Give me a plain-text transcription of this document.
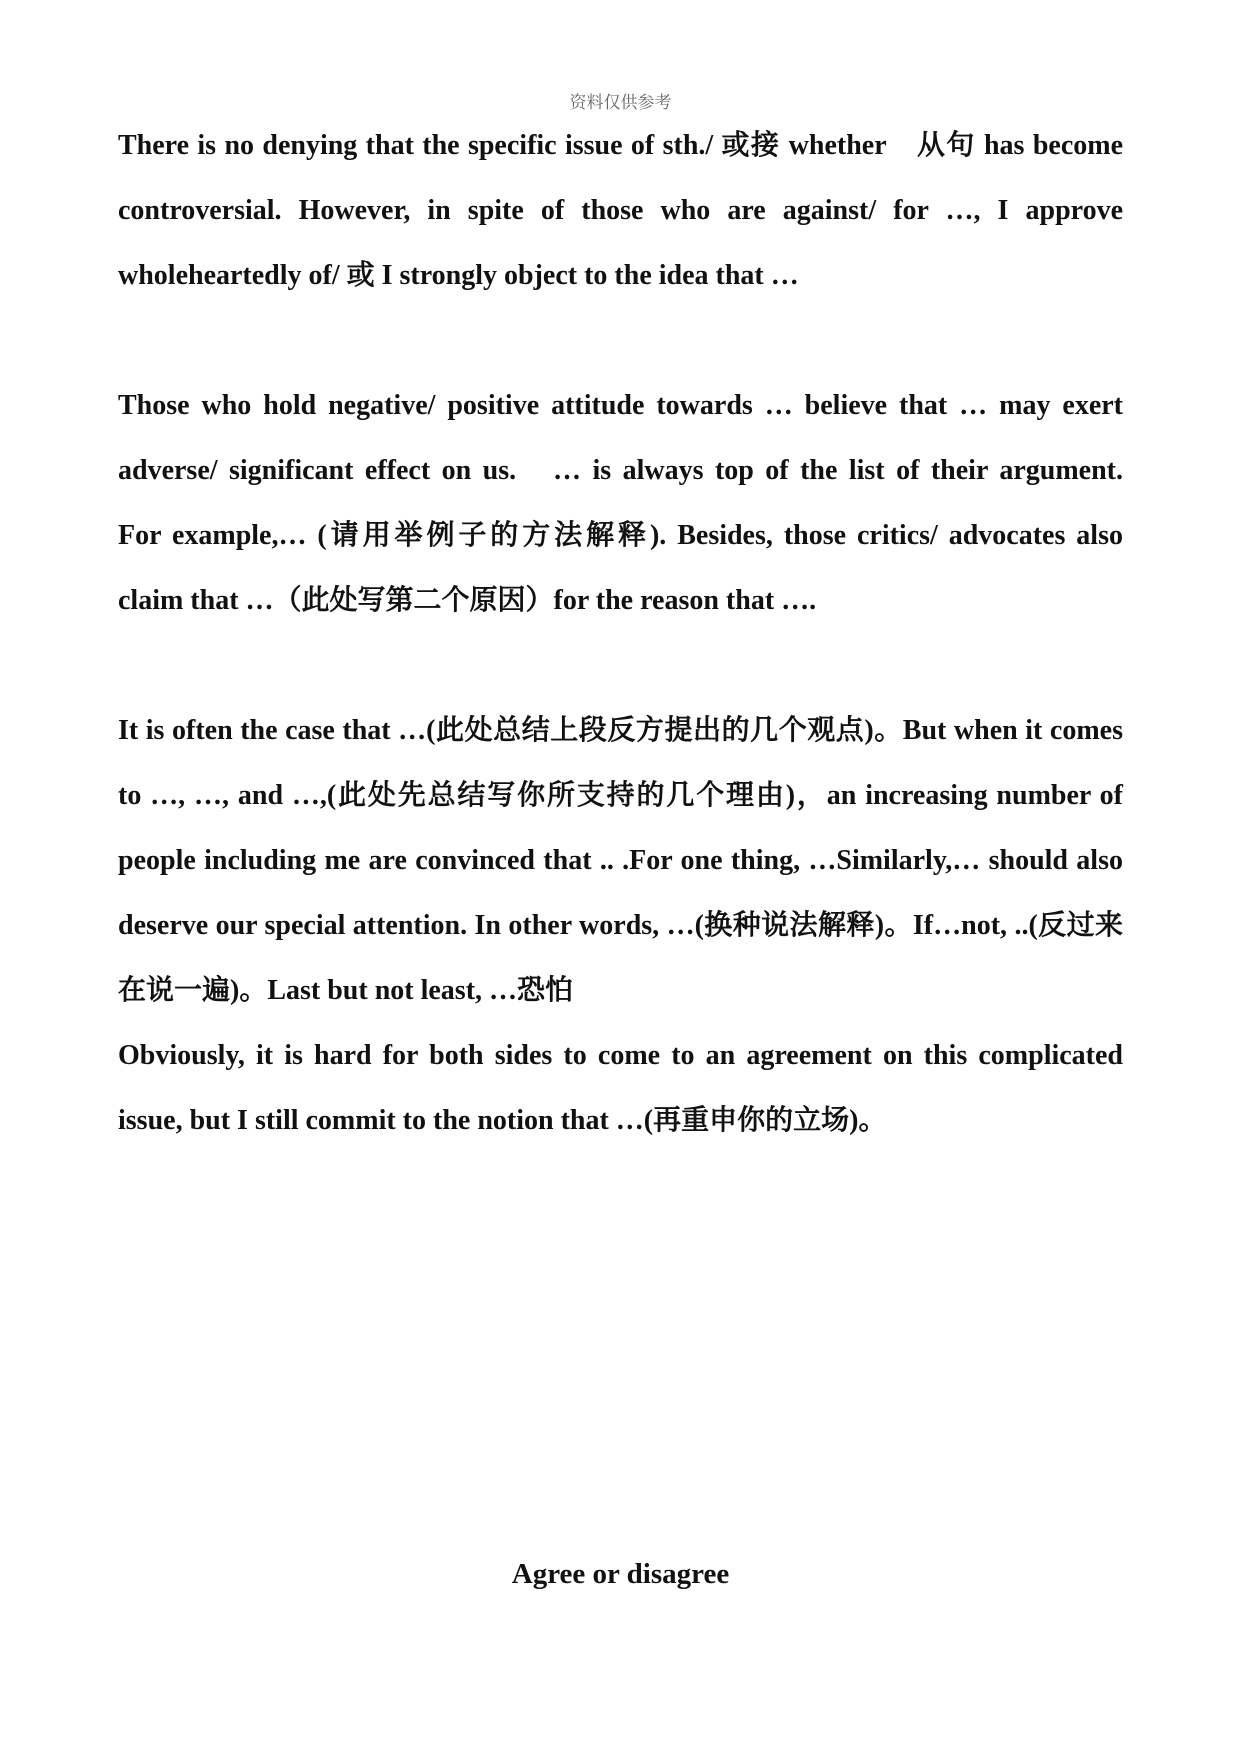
资料仅供参考

There is no denying that the specific issue of sth./ 或接 whether　从句 has become controversial. However, in spite of those who are against/ for …, I approve wholeheartedly of/ 或 I strongly object to the idea that …

Those who hold negative/ positive attitude towards … believe that … may exert adverse/ significant effect on us.　… is always top of the list of their argument.　For example,… (请用举例子的方法解释). Besides, those critics/ advocates also claim that …（此处写第二个原因）for the reason that ….

It is often the case that …(此处总结上段反方提出的几个观点)。But when it comes to …, …, and …,(此处先总结写你所支持的几个理由)，an increasing number of people including me are convinced that .. .For one thing, …Similarly,… should also deserve our special attention. In other words, …(换种说法解释)。If…not, ..(反过来在说一遍)。Last but not least, …恐怕

Obviously, it is hard for both sides to come to an agreement on this complicated issue, but I still commit to the notion that …(再重申你的立场)。

Agree or disagree
